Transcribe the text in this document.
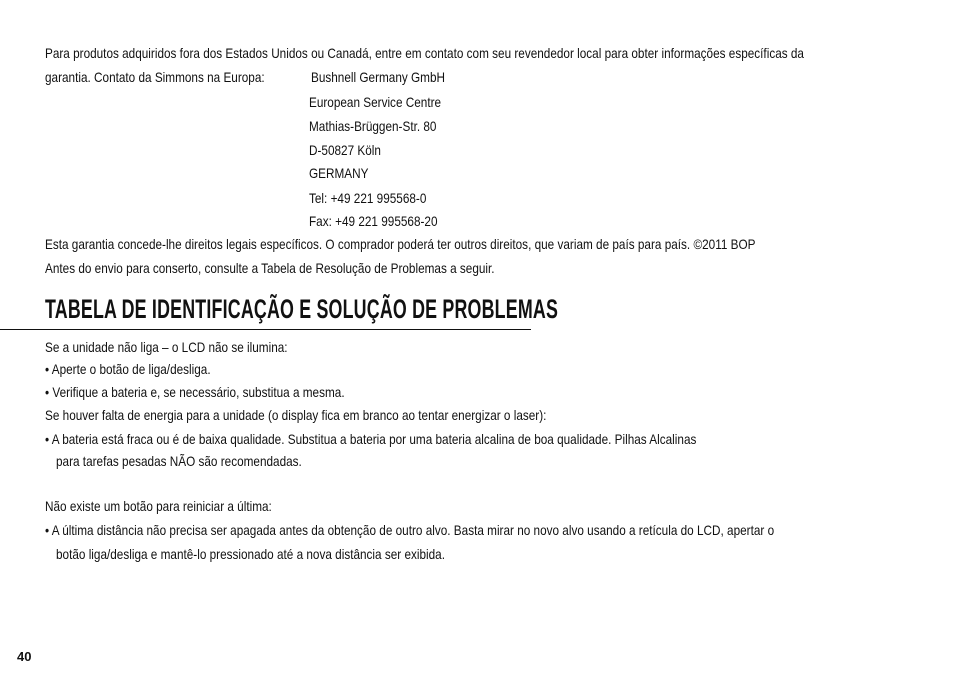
Para produtos adquiridos fora dos Estados Unidos ou Canadá, entre em contato com seu revendedor local para obter informações específicas da
garantia. Contato da Simmons na Europa:	Bushnell Germany GmbH
European Service Centre
Mathias-Brüggen-Str. 80
D-50827 Köln
GERMANY
Tel: +49 221 995568-0
Fax: +49 221 995568-20
Esta garantia concede-lhe direitos legais específicos. O comprador poderá ter outros direitos, que variam de país para país. ©2011 BOP
Antes do envio para conserto, consulte a Tabela de Resolução de Problemas a seguir.
TABELA DE IDENTIFICAÇÃO E SOLUÇÃO DE PROBLEMAS
Se a unidade não liga – o LCD não se ilumina:
• Aperte o botão de liga/desliga.
• Verifique a bateria e, se necessário, substitua a mesma.
Se houver falta de energia para a unidade (o display fica em branco ao tentar energizar o laser):
• A bateria está fraca ou é de baixa qualidade. Substitua a bateria por uma bateria alcalina de boa qualidade. Pilhas Alcalinas
para tarefas pesadas NÃO são recomendadas.
Não existe um botão para reiniciar a última:
• A última distância não precisa ser apagada antes da obtenção de outro alvo. Basta mirar no novo alvo usando a retícula do LCD, apertar o
botão liga/desliga e mantê-lo pressionado até a nova distância ser exibida.
40
